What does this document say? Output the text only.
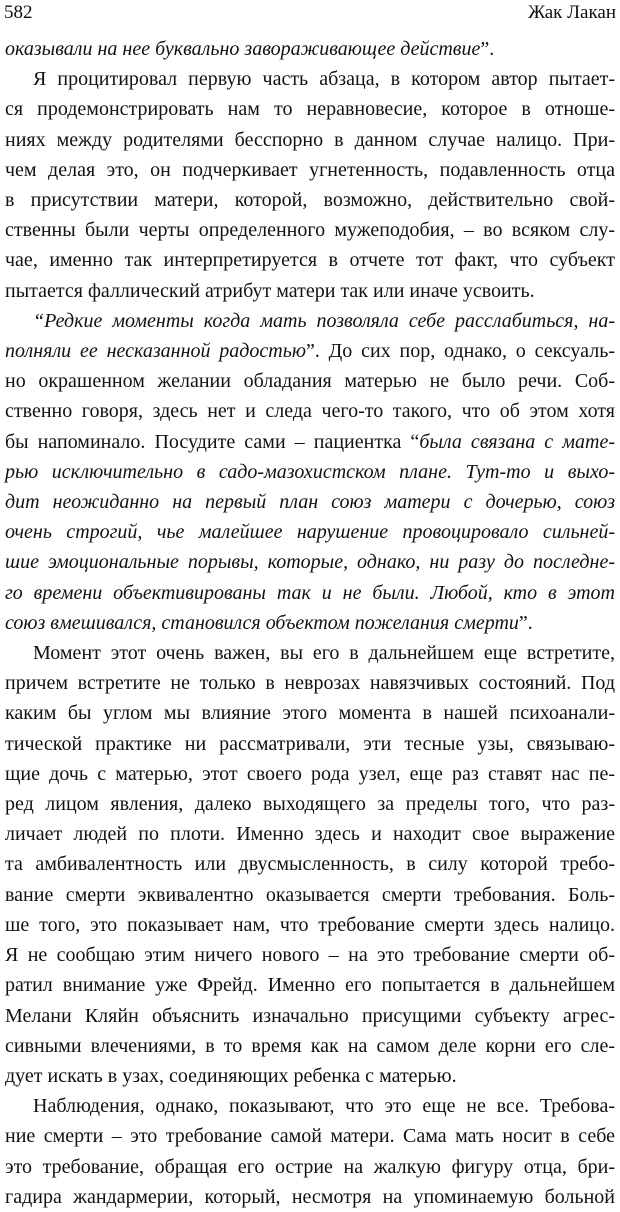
582	Жак Лакан
оказывали на нее буквально завораживающее действие”.
Я процитировал первую часть абзаца, в котором автор пытает-
ся продемонстрировать нам то неравновесие, которое в отноше-
ниях между родителями бесспорно в данном случае налицо. При-
чем делая это, он подчеркивает угнетенность, подавленность отца
в присутствии матери, которой, возможно, действительно свой-
ственны были черты определенного мужеподобия, – во всяком слу-
чае, именно так интерпретируется в отчете тот факт, что субъект
пытается фаллический атрибут матери так или иначе усвоить.
“Редкие моменты когда мать позволяла себе расслабиться, на-
полняли ее несказанной радостью”. До сих пор, однако, о сексуаль-
но окрашенном желании обладания матерью не было речи. Соб-
ственно говоря, здесь нет и следа чего-то такого, что об этом хотя
бы напоминало. Посудите сами – пациентка “была связана с мате-
рью исключительно в садо-мазохистском плане. Тут-то и выхо-
дит неожиданно на первый план союз матери с дочерью, союз
очень строгий, чье малейшее нарушение провоцировало сильней-
шие эмоциональные порывы, которые, однако, ни разу до последне-
го времени объективированы так и не были. Любой, кто в этот
союз вмешивался, становился объектом пожелания смерти”.
Момент этот очень важен, вы его в дальнейшем еще встретите,
причем встретите не только в неврозах навязчивых состояний. Под
каким бы углом мы влияние этого момента в нашей психоанали-
тической практике ни рассматривали, эти тесные узы, связываю-
щие дочь с матерью, этот своего рода узел, еще раз ставят нас пе-
ред лицом явления, далеко выходящего за пределы того, что раз-
личает людей по плоти. Именно здесь и находит свое выражение
та амбивалентность или двусмысленность, в силу которой требо-
вание смерти эквивалентно оказывается смерти требования. Боль-
ше того, это показывает нам, что требование смерти здесь налицо.
Я не сообщаю этим ничего нового – на это требование смерти об-
ратил внимание уже Фрейд. Именно его попытается в дальнейшем
Мелани Кляйн объяснить изначально присущими субъекту агрес-
сивными влечениями, в то время как на самом деле корни его сле-
дует искать в узах, соединяющих ребенка с матерью.
Наблюдения, однако, показывают, что это еще не все. Требова-
ние смерти – это требование самой матери. Сама мать носит в себе
это требование, обращая его острие на жалкую фигуру отца, бри-
гадира жандармерии, который, несмотря на упоминаемую больной
